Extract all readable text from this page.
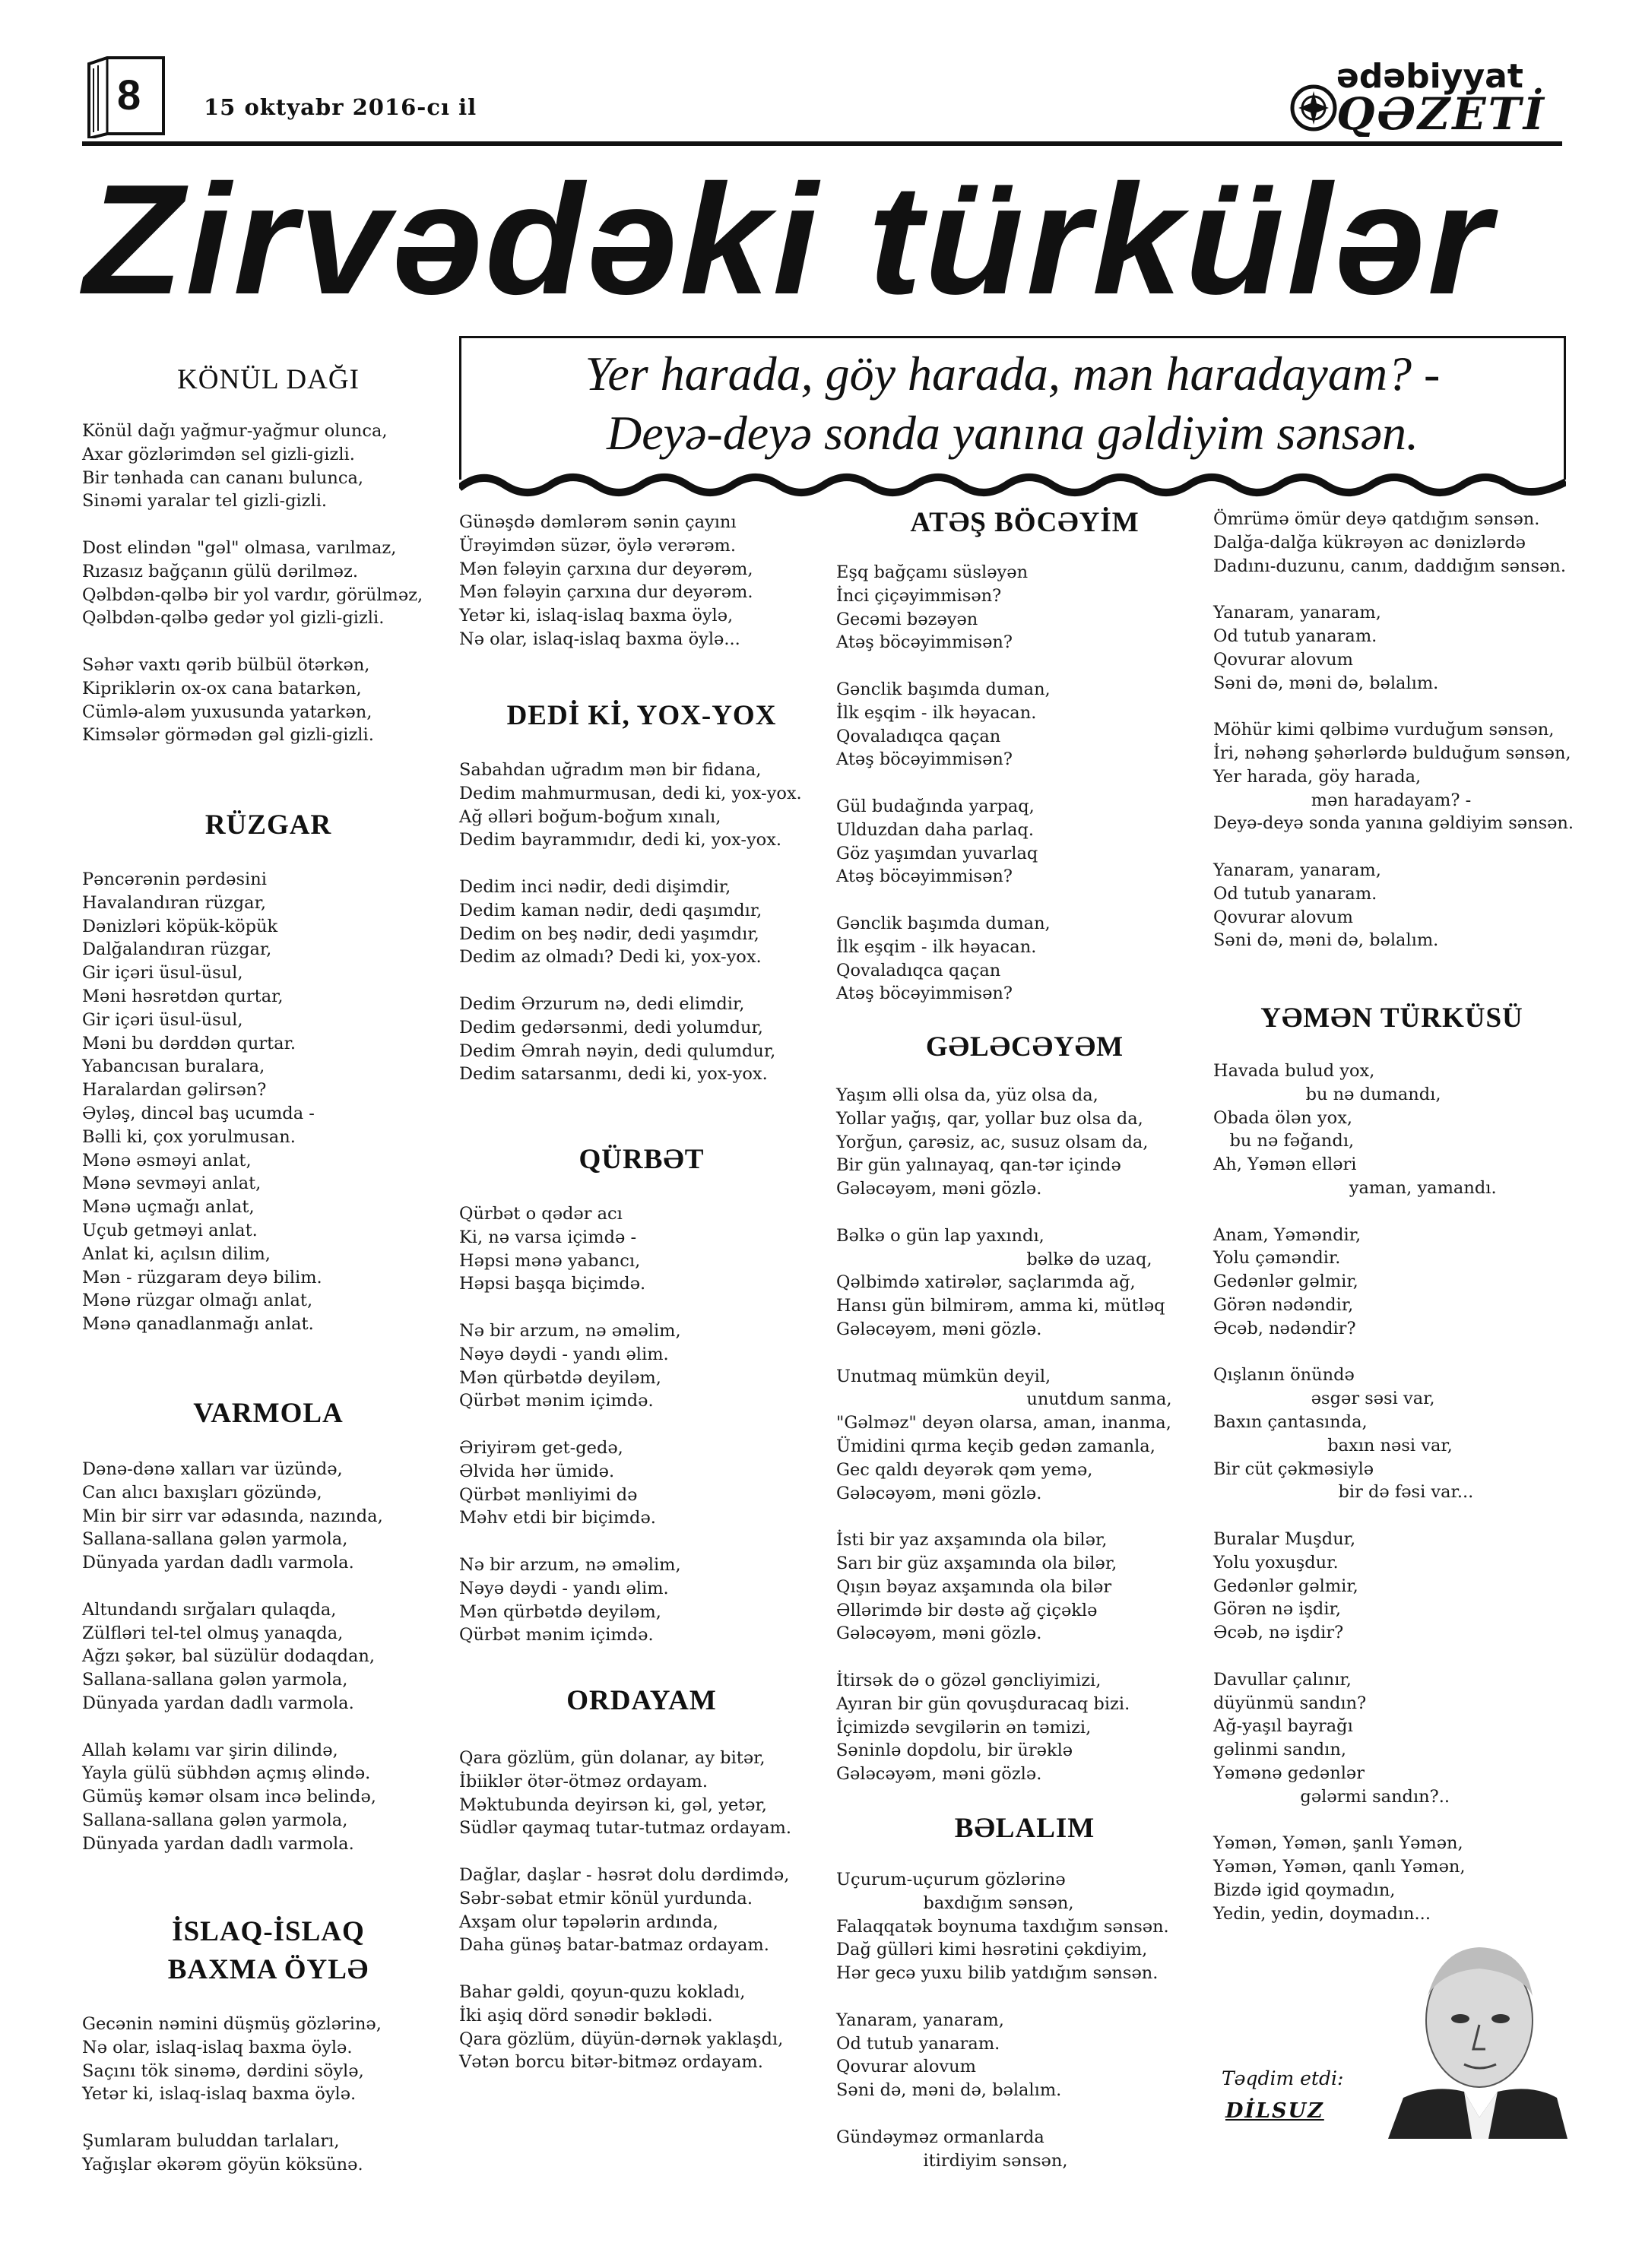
8	15 oktyabr 2016-cı il
ədəbiyyat
QƏZETİ
Zirvədəki türkülər
Yer harada, göy harada, mən haradayam? -
Deyə-deyə sonda yanına gəldiyim sənsən.
KÖNÜL DAĞI
Könül dağı yağmur-yağmur olunca,
Axar gözlərimdən sel gizli-gizli.
Bir tənhada can cananı bulunca,
Sinəmi yaralar tel gizli-gizli.

Dost elindən "gəl" olmasa, varılmaz,
Rızasız bağçanın gülü dərilməz.
Qəlbdən-qəlbə bir yol vardır, görülməz,
Qəlbdən-qəlbə gedər yol gizli-gizli.

Səhər vaxtı qərib bülbül ötərkən,
Kipriklərin ox-ox cana batarkən,
Cümlə-aləm yuxusunda yatarkən,
Kimsələr görmədən gəl gizli-gizli.
RÜZGAR
Pəncərənin pərdəsini
Havalandıran rüzgar,
Dənizləri köpük-köpük
Dalğalandıran rüzgar,
Gir içəri üsul-üsul,
Məni həsrətdən qurtar,
Gir içəri üsul-üsul,
Məni bu dərddən qurtar.
Yabancısan buralara,
Haralardan gəlirsən?
Əyləş, dincəl baş ucumda -
Bəlli ki, çox yorulmusan.
Mənə əsməyi anlat,
Mənə sevməyi anlat,
Mənə uçmağı anlat,
Uçub getməyi anlat.
Anlat ki, açılsın dilim,
Mən - rüzgaram deyə bilim.
Mənə rüzgar olmağı anlat,
Mənə qanadlanmağı anlat.
VARMOLA
Dənə-dənə xalları var üzündə,
Can alıcı baxışları gözündə,
Min bir sirr var ədasında, nazında,
Sallana-sallana gələn yarmola,
Dünyada yardan dadlı varmola.

Altundandı sırğaları qulaqda,
Zülfləri tel-tel olmuş yanaqda,
Ağzı şəkər, bal süzülür dodaqdan,
Sallana-sallana gələn yarmola,
Dünyada yardan dadlı varmola.

Allah kəlamı var şirin dilində,
Yayla gülü sübhdən açmış əlində.
Gümüş kəmər olsam incə belində,
Sallana-sallana gələn yarmola,
Dünyada yardan dadlı varmola.
İSLAQ-İSLAQ
BAXMA ÖYLƏ
Gecənin nəmini düşmüş gözlərinə,
Nə olar, islaq-islaq baxma öylə.
Saçını tök sinəmə, dərdini söylə,
Yetər ki, islaq-islaq baxma öylə.

Şumlaram buluddan tarlaları,
Yağışlar əkərəm göyün köksünə.
Günəşdə dəmlərəm sənin çayını
Ürəyimdən süzər, öylə verərəm.
Mən fələyin çarxına dur deyərəm,
Mən fələyin çarxına dur deyərəm.
Yetər ki, islaq-islaq baxma öylə,
Nə olar, islaq-islaq baxma öylə...
DEDİ Kİ, YOX-YOX
Sabahdan uğradım mən bir fidana,
Dedim mahmurmusan, dedi ki, yox-yox.
Ağ əlləri boğum-boğum xınalı,
Dedim bayrammıdır, dedi ki, yox-yox.

Dedim inci nədir, dedi dişimdir,
Dedim kaman nədir, dedi qaşımdır,
Dedim on beş nədir, dedi yaşımdır,
Dedim az olmadı? Dedi ki, yox-yox.

Dedim Ərzurum nə, dedi elimdir,
Dedim gedərsənmi, dedi yolumdur,
Dedim Əmrah nəyin, dedi qulumdur,
Dedim satarsanmı, dedi ki, yox-yox.
QÜRBƏT
Qürbət o qədər acı
Ki, nə varsa içimdə -
Həpsi mənə yabancı,
Həpsi başqa biçimdə.

Nə bir arzum, nə əməlim,
Nəyə dəydi - yandı əlim.
Mən qürbətdə deyiləm,
Qürbət mənim içimdə.

Əriyirəm get-gedə,
Əlvida hər ümidə.
Qürbət mənliyimi də
Məhv etdi bir biçimdə.

Nə bir arzum, nə əməlim,
Nəyə dəydi - yandı əlim.
Mən qürbətdə deyiləm,
Qürbət mənim içimdə.
ORDAYAM
Qara gözlüm, gün dolanar, ay bitər,
İbiiklər ötər-ötməz ordayam.
Məktubunda deyirsən ki, gəl, yetər,
Südlər qaymaq tutar-tutmaz ordayam.

Dağlar, daşlar - həsrət dolu dərdimdə,
Səbr-səbat etmir könül yurdunda.
Axşam olur təpələrin ardında,
Daha günəş batar-batmaz ordayam.

Bahar gəldi, qoyun-quzu kokladı,
İki aşiq dörd sənədir bəklədi.
Qara gözlüm, düyün-dərnək yaklaşdı,
Vətən borcu bitər-bitməz ordayam.
ATƏŞ BÖCƏYİM
Eşq bağçamı süsləyən
İnci çiçəyimmisən?
Gecəmi bəzəyən
Atəş böcəyimmisən?

Gənclik başımda duman,
İlk eşqim - ilk həyacan.
Qovaladıqca qaçan
Atəş böcəyimmisən?

Gül budağında yarpaq,
Ulduzdan daha parlaq.
Göz yaşımdan yuvarlaq
Atəş böcəyimmisən?

Gənclik başımda duman,
İlk eşqim - ilk həyacan.
Qovaladıqca qaçan
Atəş böcəyimmisən?
GƏLƏCƏYƏM
Yaşım əlli olsa da, yüz olsa da,
Yollar yağış, qar, yollar buz olsa da,
Yorğun, çarəsiz, ac, susuz olsam da,
Bir gün yalınayaq, qan-tər içində
Gələcəyəm, məni gözlə.

Bəlkə o gün lap yaxındı,
bəlkə də uzaq,
Qəlbimdə xatirələr, saçlarımda ağ,
Hansı gün bilmirəm, amma ki, mütləq
Gələcəyəm, məni gözlə.

Unutmaq mümkün deyil,
unutdum sanma,
"Gəlməz" deyən olarsa, aman, inanma,
Ümidini qırma keçib gedən zamanla,
Gec qaldı deyərək qəm yemə,
Gələcəyəm, məni gözlə.

İsti bir yaz axşamında ola bilər,
Sarı bir güz axşamında ola bilər,
Qışın bəyaz axşamında ola bilər
Əllərimdə bir dəstə ağ çiçəklə
Gələcəyəm, məni gözlə.

İtirsək də o gözəl gəncliyimizi,
Ayıran bir gün qovuşduracaq bizi.
İçimizdə sevgilərin ən təmizi,
Səninlə dopdolu, bir ürəklə
Gələcəyəm, məni gözlə.
BƏLALIM
Uçurum-uçurum gözlərinə
baxdığım sənsən,
Falaqqatək boynuma taxdığım sənsən.
Dağ gülləri kimi həsrətini çəkdiyim,
Hər gecə yuxu bilib yatdığım sənsən.

Yanaram, yanaram,
Od tutub yanaram.
Qovurar alovum
Səni də, məni də, bəlalım.

Gündəyməz ormanlarda
itirdiyim sənsən,
Ömrümə ömür deyə qatdığım sənsən.
Dalğa-dalğa kükrəyən ac dənizlərdə
Dadını-duzunu, canım, daddığım sənsən.

Yanaram, yanaram,
Od tutub yanaram.
Qovurar alovum
Səni də, məni də, bəlalım.

Möhür kimi qəlbimə vurduğum sənsən,
İri, nəhəng şəhərlərdə bulduğum sənsən,
Yer harada, göy harada,
mən haradayam? -
Deyə-deyə sonda yanına gəldiyim sənsən.

Yanaram, yanaram,
Od tutub yanaram.
Qovurar alovum
Səni də, məni də, bəlalım.
YƏMƏN TÜRKÜSÜ
Havada bulud yox,
bu nə dumandı,
Obada ölən yox,
bu nə fəğandı,
Ah, Yəmən elləri
yaman, yamandı.

Anam, Yəməndir,
Yolu çəməndir.
Gedənlər gəlmir,
Görən nədəndir,
Əcəb, nədəndir?

Qışlanın önündə
əsgər səsi var,
Baxın çantasında,
baxın nəsi var,
Bir cüt çəkməsiylə
bir də fəsi var...

Buralar Muşdur,
Yolu yoxuşdur.
Gedənlər gəlmir,
Görən nə işdir,
Əcəb, nə işdir?

Davullar çalınır,
düyünmü sandın?
Ağ-yaşıl bayrağı
gəlinmi sandın,
Yəmənə gedənlər
gələrmi sandın?..

Yəmən, Yəmən, şanlı Yəmən,
Yəmən, Yəmən, qanlı Yəmən,
Bizdə igid qoymadın,
Yedin, yedin, doymadın...
Təqdim etdi:
DİLSUZ
